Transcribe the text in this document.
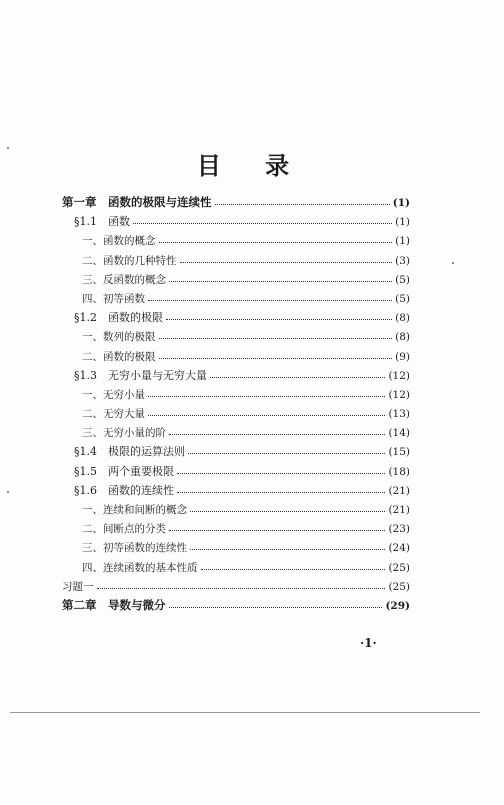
目 录
第一章　函数的极限与连续性	(1)
§1.1　函数	(1)
一、函数的概念	(1)
二、函数的几种特性	(3)
三、反函数的概念	(5)
四、初等函数	(5)
§1.2　函数的极限	(8)
一、数列的极限	(8)
二、函数的极限	(9)
§1.3　无穷小量与无穷大量	(12)
一、无穷小量	(12)
二、无穷大量	(13)
三、无穷小量的阶	(14)
§1.4　极限的运算法则	(15)
§1.5　两个重要极限	(18)
§1.6　函数的连续性	(21)
一、连续和间断的概念	(21)
二、间断点的分类	(23)
三、初等函数的连续性	(24)
四、连续函数的基本性质	(25)
习题一	(25)
第二章　导数与微分	(29)
·1·
